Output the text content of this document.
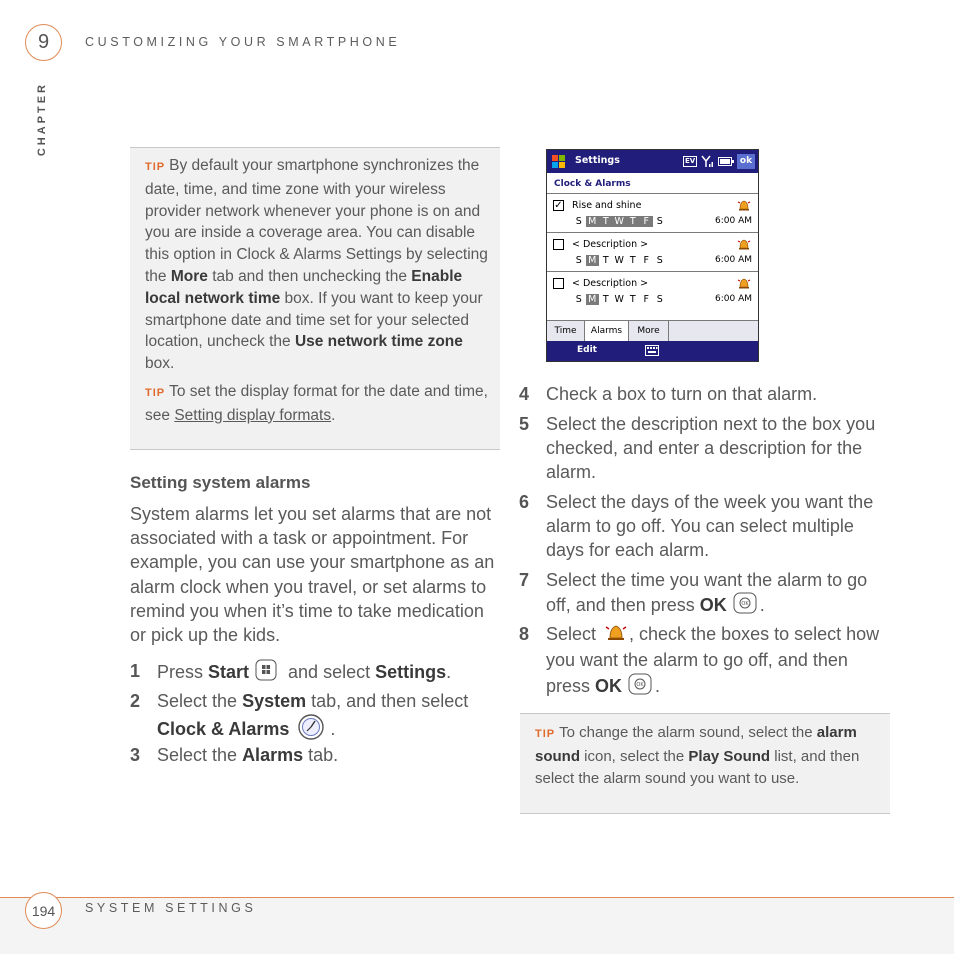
9	CUSTOMIZING YOUR SMARTPHONE
CHAPTER

TIP By default your smartphone synchronizes the date, time, and time zone with your wireless provider network whenever your phone is on and you are inside a coverage area. You can disable this option in Clock & Alarms Settings by selecting the More tab and then unchecking the Enable local network time box. If you want to keep your smartphone date and time set for your selected location, uncheck the Use network time zone box.

TIP To set the display format for the date and time, see Setting display formats.

Setting system alarms

System alarms let you set alarms that are not associated with a task or appointment. For example, you can use your smartphone as an alarm clock when you travel, or set alarms to remind you when it’s time to take medication or pick up the kids.

1 Press Start and select Settings.
2 Select the System tab, and then select Clock & Alarms .
3 Select the Alarms tab.
Settings	EV	ok
Clock & Alarms
✓ Rise and shine
S M T W T F S	6:00 AM
< Description >
S M T W T F S	6:00 AM
< Description >
S M T W T F S	6:00 AM
Time	Alarms	More
Edit
4 Check a box to turn on that alarm.
5 Select the description next to the box you checked, and enter a description for the alarm.
6 Select the days of the week you want the alarm to go off. You can select multiple days for each alarm.
7 Select the time you want the alarm to go off, and then press OK	OK .
8 Select , check the boxes to select how you want the alarm to go off, and then press OK	OK .

TIP To change the alarm sound, select the alarm sound icon, select the Play Sound list, and then select the alarm sound you want to use.

194	SYSTEM SETTINGS
